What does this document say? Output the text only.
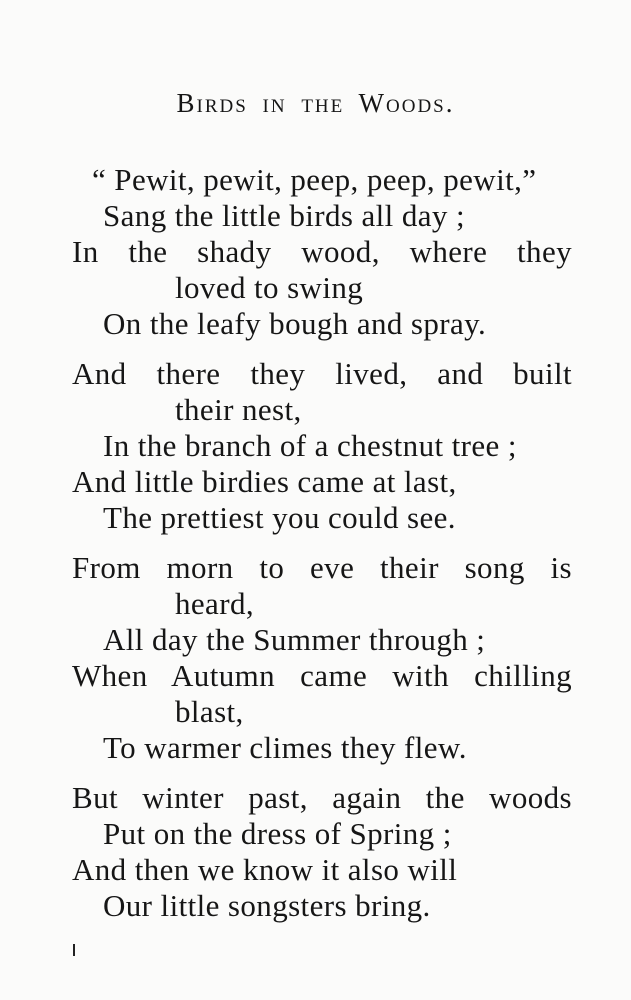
Birds in the Woods.
“ Pewit, pewit, peep, peep, pewit,”
Sang the little birds all day ;
In the shady wood, where they
loved to swing
On the leafy bough and spray.
And there they lived, and built
their nest,
In the branch of a chestnut tree ;
And little birdies came at last,
The prettiest you could see.
From morn to eve their song is
heard,
All day the Summer through ;
When Autumn came with chilling
blast,
To warmer climes they flew.
But winter past, again the woods
Put on the dress of Spring ;
And then we know it also will
Our little songsters bring.
